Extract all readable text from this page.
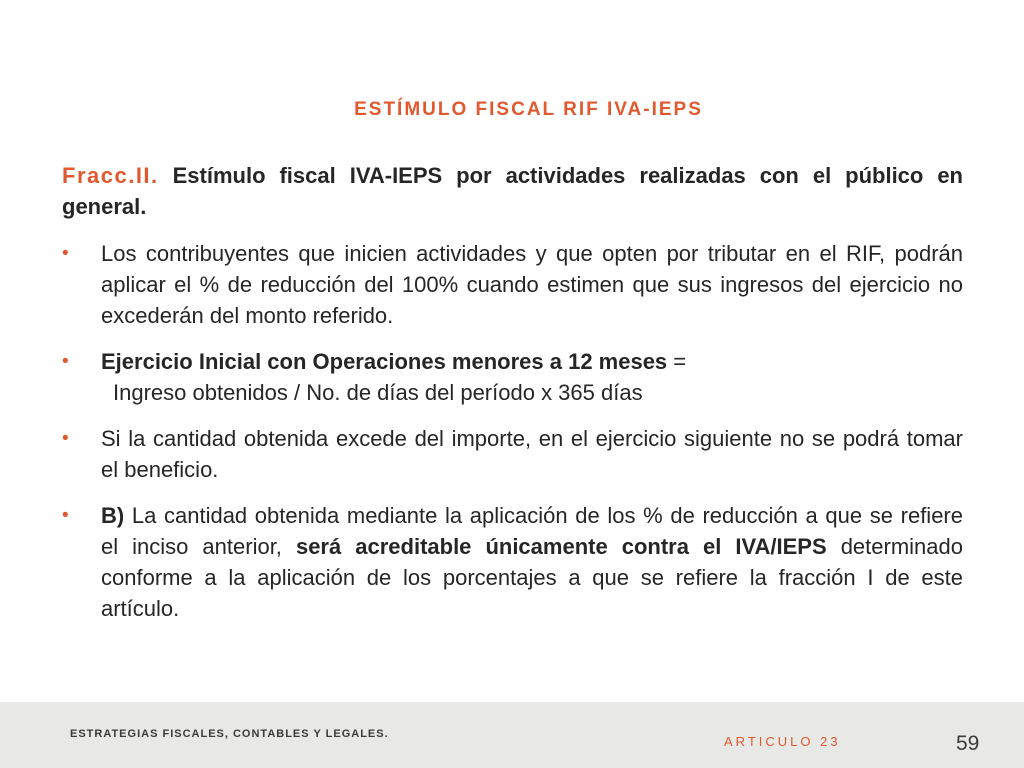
ESTÍMULO FISCAL RIF IVA-IEPS

Fracc.II. Estímulo fiscal IVA-IEPS por actividades realizadas con el público en general.

• Los contribuyentes que inicien actividades y que opten por tributar en el RIF, podrán aplicar el % de reducción del 100% cuando estimen que sus ingresos del ejercicio no excederán del monto referido.
• Ejercicio Inicial con Operaciones menores a 12 meses =
Ingreso obtenidos / No. de días del período x 365 días
• Si la cantidad obtenida excede del importe, en el ejercicio siguiente no se podrá tomar el beneficio.
• B) La cantidad obtenida mediante la aplicación de los % de reducción a que se refiere el inciso anterior, será acreditable únicamente contra el IVA/IEPS determinado conforme a la aplicación de los porcentajes a que se refiere la fracción I de este artículo.
ESTRATEGIAS FISCALES, CONTABLES Y LEGALES.	ARTICULO 23	59
